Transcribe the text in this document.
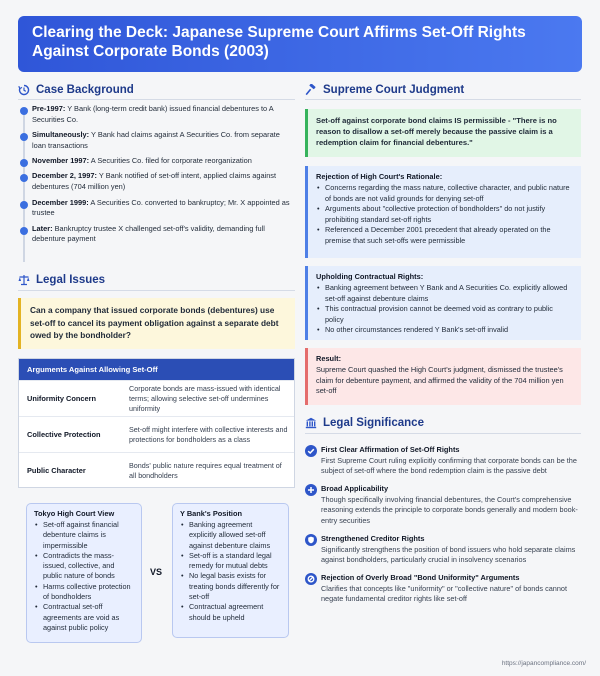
Clearing the Deck: Japanese Supreme Court Affirms Set-Off Rights Against Corporate Bonds (2003)
Case Background
Pre-1997: Y Bank (long-term credit bank) issued financial debentures to A Securities Co.
Simultaneously: Y Bank had claims against A Securities Co. from separate loan transactions
November 1997: A Securities Co. filed for corporate reorganization
December 2, 1997: Y Bank notified of set-off intent, applied claims against debentures (704 million yen)
December 1999: A Securities Co. converted to bankruptcy; Mr. X appointed as trustee
Later: Bankruptcy trustee X challenged set-off's validity, demanding full debenture payment
Legal Issues
Can a company that issued corporate bonds (debentures) use set-off to cancel its payment obligation against a separate debt owed by the bondholder?
Arguments Against Allowing Set-Off
Uniformity Concern
Corporate bonds are mass-issued with identical terms; allowing selective set-off undermines uniformity
Collective Protection
Set-off might interfere with collective interests and protections for bondholders as a class
Public Character
Bonds' public nature requires equal treatment of all bondholders
Tokyo High Court View
• Set-off against financial debenture claims is impermissible
• Contradicts the mass-issued, collective, and public nature of bonds
• Harms collective protection of bondholders
• Contractual set-off agreements are void as against public policy
VS
Y Bank's Position
• Banking agreement explicitly allowed set-off against debenture claims
• Set-off is a standard legal remedy for mutual debts
• No legal basis exists for treating bonds differently for set-off
• Contractual agreement should be upheld
Supreme Court Judgment

Set-off against corporate bond claims IS permissible - "There is no reason to disallow a set-off merely because the passive claim is a redemption claim for financial debentures."

Rejection of High Court's Rationale:
• Concerns regarding the mass nature, collective character, and public nature of bonds are not valid grounds for denying set-off
• Arguments about "collective protection of bondholders" do not justify prohibiting standard set-off rights
• Referenced a December 2001 precedent that already operated on the premise that such set-offs were permissible
Upholding Contractual Rights:
• Banking agreement between Y Bank and A Securities Co. explicitly allowed set-off against debenture claims
• This contractual provision cannot be deemed void as contrary to public policy
• No other circumstances rendered Y Bank's set-off invalid
Result:

Supreme Court quashed the High Court's judgment, dismissed the trustee's claim for debenture payment, and affirmed the validity of the 704 million yen set-off

Legal Significance
First Clear Affirmation of Set-Off Rights
First Supreme Court ruling explicitly confirming that corporate bonds can be the subject of set-off where the bond redemption claim is the passive debt
Broad Applicability
Though specifically involving financial debentures, the Court's comprehensive reasoning extends the principle to corporate bonds generally and modern book-entry securities
Strengthened Creditor Rights
Significantly strengthens the position of bond issuers who hold separate claims against bondholders, particularly crucial in insolvency scenarios
Rejection of Overly Broad "Bond Uniformity" Arguments
Clarifies that concepts like "uniformity" or "collective nature" of bonds cannot negate fundamental creditor rights like set-off
https://japancompliance.com/
